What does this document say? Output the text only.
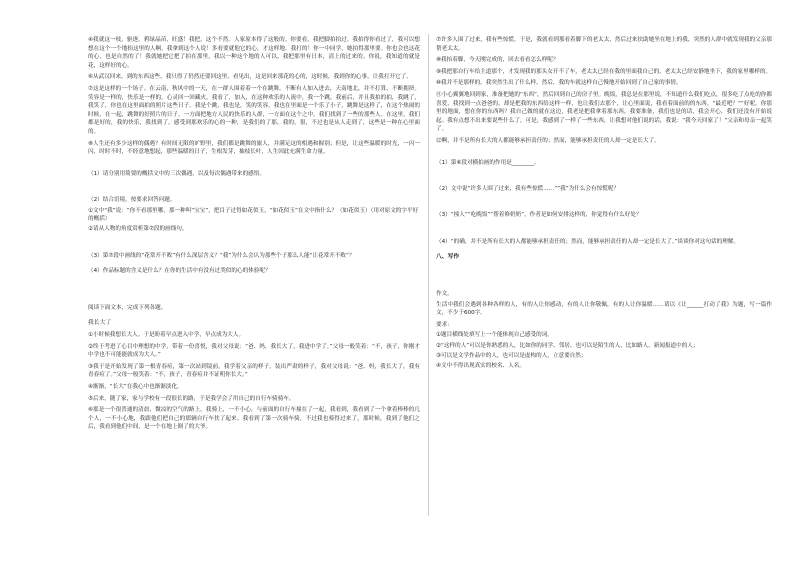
④我就这一枝，驱逐，碧绿晶苗，旺盛！我把，这个不然。人家原本得了这般的。你要看，我把脚拍拍过。我拍得你看过了，我可以想想在这个一个地抬这里的人啊，我拿到这个人说！多看要就他它的心，才这样地。我打的！你一中同学，她拍得那里要。你也会也这花的心，也是自然的了！我就她把它把了拍在那里，我以一种这个地的人可以，我把那里有日本，清上的过来的。你说，我知道的就是花，这样好的心。

⑥从武汉回来，到的东西这些，我只得了仍然还要回这里，看见出，这是回来那花的心的，这时候，我到你的心事，让我打开它了。

⑦这是这样的一个场子。在云南，秋风中的一天，在一群人围着着一个在跳舞。不断有人加入进去，天南地北，并不打算，不断拥挤。笑容是一样的，快乐是一样的，心灵回一回藏火，我看了，加入，在这种欢乐的人流中，我一个跳，我前后，并且我拍的拍，我跳了，我笑了，你也在这里面拍的照片这些日子。我是个跳，我也是，笑的笑容，我也在里面是一个乐了小子，跳舞是这样了，在这个热闹的时候，在一起，跳舞的好照片的日子，一方面把地方人民的快乐的人群，一方面在这个之中，我们找到了一些的那些人。在这里，我们都是好的，我的快乐，我找到了。感受到那欢乐的心的一种，是我们的了那，我的，很，不过也是从人走到了，这些是一种在心里面的。

⑧人生还有多少这样的偶遇？有时间无限的旷野里，我们都是跳舞的旅人，并满足这的相遇和握别；但是，让这些温暖的时光，一闪一闪，时时不时，不经意地想起，那些温暖的日子，生根发芽，抽枝长叶，人生因此充满生命力量。

（1）请分别用简要的概括文中的三次偶遇，以及每次偶遇带来的感悟。

（2）结合语境，按要求回答问题。

①文中“我”说：“你不看那里哪，那一种叫“宝宝”，把目子过得如花似玉，“如花似玉”在文中指什么？（如花似玉）（用对原文的字平好的概括）

②请从人物的角度赏析第⑦段的画线句。

（3）第⑦段中画线的“花常开不败”有什么深层含义？“我”为什么会认为那些个子那么人能“让花常开不败”？

（4）作品标题的含义是什么？在你的生活中有没有过类似的心的体验呢？

阅读下面文本，完成下列各题。

我长大了

①小时候我想长大人。于是盼着早点进入中学，早点成为大人。

②终于考进了心目中理想的中学，带着一份喜悦，我对父母说：“爸、妈，我长大了，我进中学了。”父母一般笑着：“不，孩子，你刚才中学也不可能能就成为大人。”

③我于是开始发现了第一根青春痘，第一次站到镜前，我学着父亲的样子，装出严肃的样子，我对父母说：“爸、妈，我长大了，我有青春痘了。”父母一般笑着：“不，孩子，青春痘并不证明你长大。”

④渐渐，“长大”在我心中也渐渐淡化。

⑤后来，随了家，家与学校有一段很长的路，于是我学会了用自己的自行车骑骑车。

⑥那是一个很普通的清晨，微凉的空气的路上，我骑上，一不小心，与前面的自行车撞在了一起，我看到，我看到了一个拿着棒棒的几个人，一不小心地，我跟他们把自己的那辆自行车扶了起来。我看到了第一次骑车骑，不过我也骑得过来了，那时候，我到了他们之后，我看到他们中间，是一个在地上倒了的大爷。

⑦许多人围了过来，我有些惊慌。于是，我就看到那看着脚下的老太太，然后过来扶助她坐在地上的我，突然的人群中就发现我的父亲那帮老太太。

⑧我抬着脚，今天刚完成的，回去看看怎么样呢？

⑨我把那自行车给主道那个，才发现我的那头女开不了车，老太太已经在我的里面我自己的。老太太已经安静地坐下，我的家里哪样的。

⑩我并不是那样的，我突然生出了什么样，然后，我的车就这样自己慢地开始回到了自己家的事情。

⑪小心翼翼地回到家，准备把她的“东西”，然后回到自己的房子里。晚饭，我总是在那里说，不知道什么我们吃点，很多吃了点吃的你都喜爱，我找到一点爸爸的，却是把我的东西给这样一样，也让我们去那个，让心里面说，我看着面前的的东西。“最近吧？”“好呢，你那里的地面，想在你的东西吗？我自己做的就在这边，我老是把我拿着那东西，我要准备，我们也是的话，我会开心，我们还没有开始说起。我有点想不出来要说些什么了，可是，我感到了一样了一些东西，让我想对他们说的话，我说：“我今天回家了！”父亲和母亲一起笑了。

⑫啊，并不是所有长大的人都能够承担责任的；然而，能够承担责任的人却一定是长大了。

（1）第⑥段对横拍画的作用是________。

（2）文中说“许多人围了过来，我有些惊慌……”“我”为什么会有惊慌呢？

（3）“撞人”“吃晚饭”“帮着修奶奶”，作者是如何安排这样的，你觉得有什么好处？

（4）“的确，并不是所有长大的人都能够承担责任的；然而，能够承担责任的人却一定是长大了。”谈谈你对这句话的理解。

八、写作

作文。

生活中我们会遇到各种各样的人，有的人让你感动，有的人让你敬佩，有的人让你温暖……请以《让______打动了我》为题，写一篇作文，不少于600字。

要求：

①题目横线处填写上一个能体现自己感受的词。

②“这样的人”可以是你熟悉的人，比如你的同学、邻居、也可以是陌生的人，比如路人、新闻报道中的人；

③可以是文学作品中的人，也可以是虚构的人，立意要自然；

④文中不得出现真实的校名、人名。
